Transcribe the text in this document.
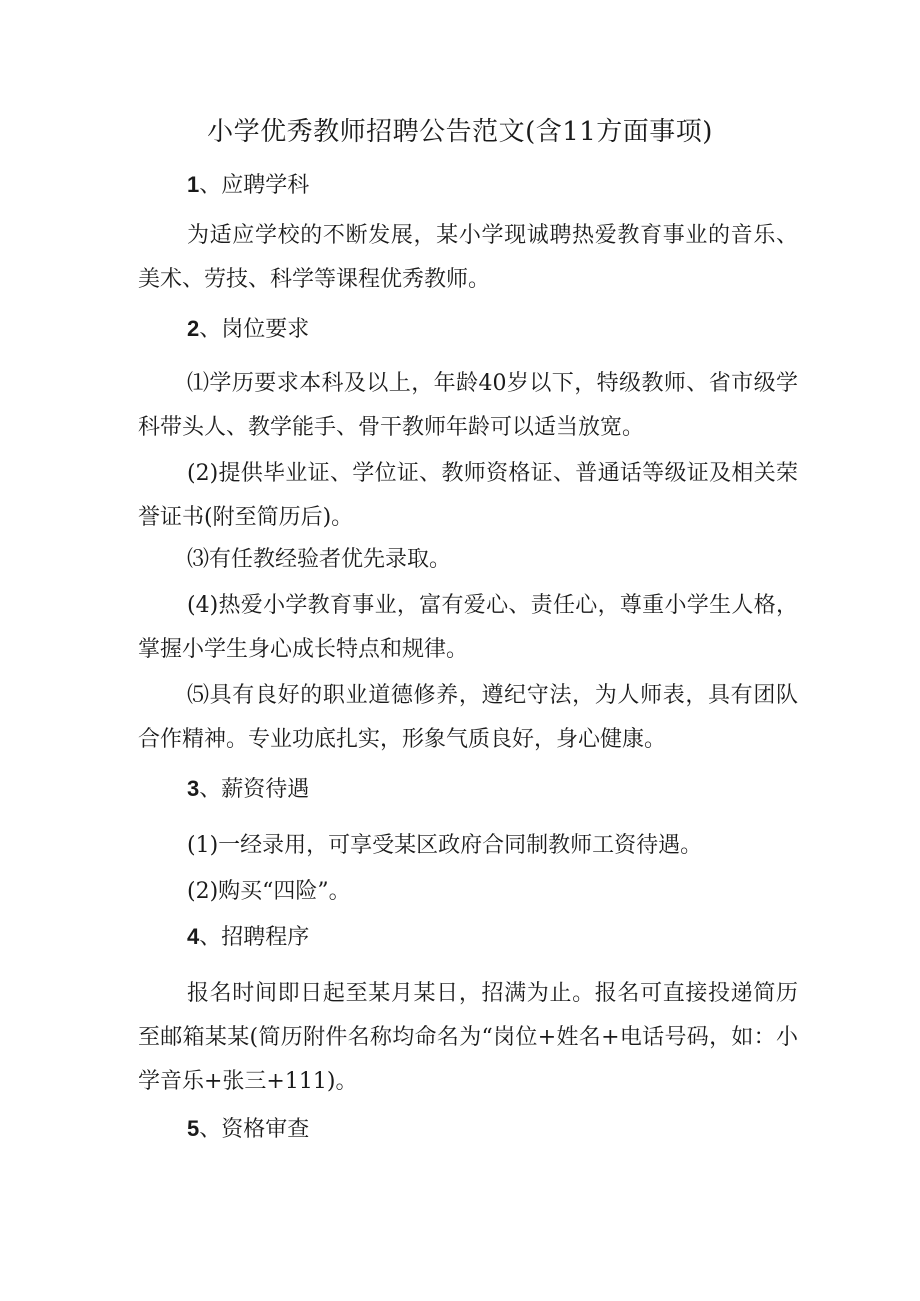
小学优秀教师招聘公告范文(含11方面事项)
1、应聘学科

为适应学校的不断发展，某小学现诚聘热爱教育事业的音乐、美术、劳技、科学等课程优秀教师。

2、岗位要求

⑴学历要求本科及以上，年龄40岁以下，特级教师、省市级学科带头人、教学能手、骨干教师年龄可以适当放宽。

(2)提供毕业证、学位证、教师资格证、普通话等级证及相关荣誉证书(附至简历后)。

⑶有任教经验者优先录取。

(4)热爱小学教育事业，富有爱心、责任心，尊重小学生人格，掌握小学生身心成长特点和规律。

⑸具有良好的职业道德修养，遵纪守法，为人师表，具有团队合作精神。专业功底扎实，形象气质良好，身心健康。

3、薪资待遇

(1)一经录用，可享受某区政府合同制教师工资待遇。

(2)购买“四险”。

4、招聘程序

报名时间即日起至某月某日，招满为止。报名可直接投递简历至邮箱某某(简历附件名称均命名为“岗位+姓名+电话号码，如：小学音乐+张三+111)。

5、资格审查
